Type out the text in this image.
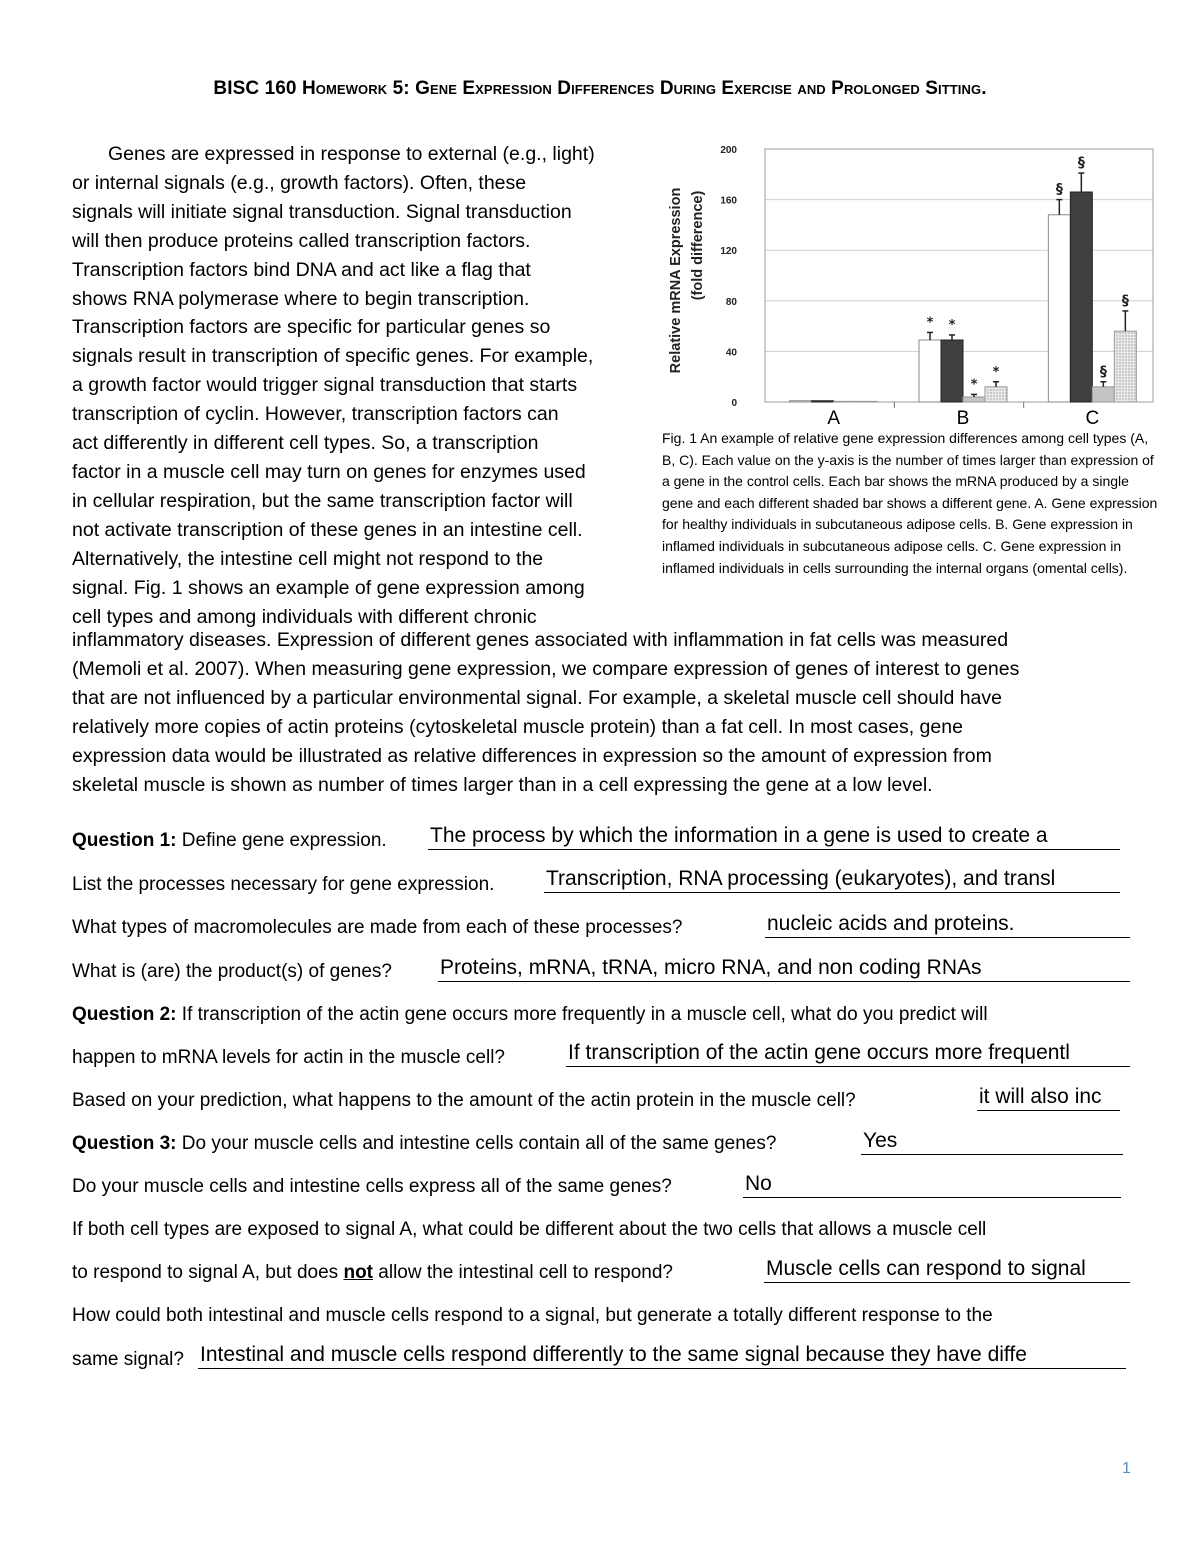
BISC 160 Homework 5: Gene Expression Differences During Exercise and Prolonged Sitting.
Genes are expressed in response to external (e.g., light)
or internal signals (e.g., growth factors). Often, these
signals will initiate signal transduction. Signal transduction
will then produce proteins called transcription factors.
Transcription factors bind DNA and act like a flag that
shows RNA polymerase where to begin transcription.
Transcription factors are specific for particular genes so
signals result in transcription of specific genes. For example,
a growth factor would trigger signal transduction that starts
transcription of cyclin. However, transcription factors can
act differently in different cell types. So, a transcription
factor in a muscle cell may turn on genes for enzymes used
in cellular respiration, but the same transcription factor will
not activate transcription of these genes in an intestine cell.
Alternatively, the intestine cell might not respond to the
signal. Fig. 1 shows an example of gene expression among
cell types and among individuals with different chronic
0
40
80
120
160
200
Relative mRNA Expression (fold difference)
A
* *
*
*
B
§
§
§
§
C
Fig. 1 An example of relative gene expression differences among cell types (A, B, C). Each value on the y-axis is the number of times larger than expression of a gene in the control cells. Each bar shows the mRNA produced by a single gene and each different shaded bar shows a different gene. A. Gene expression for healthy individuals in subcutaneous adipose cells. B. Gene expression in inflamed individuals in subcutaneous adipose cells. C. Gene expression in inflamed individuals in cells surrounding the internal organs (omental cells).
inflammatory diseases. Expression of different genes associated with inflammation in fat cells was measured
(Memoli et al. 2007). When measuring gene expression, we compare expression of genes of interest to genes
that are not influenced by a particular environmental signal. For example, a skeletal muscle cell should have
relatively more copies of actin proteins (cytoskeletal muscle protein) than a fat cell. In most cases, gene
expression data would be illustrated as relative differences in expression so the amount of expression from
skeletal muscle is shown as number of times larger than in a cell expressing the gene at a low level.
Question 1: Define gene expression. The process by which the information in a gene is used to create a
List the processes necessary for gene expression. Transcription, RNA processing (eukaryotes), and transl
What types of macromolecules are made from each of these processes?	nucleic acids and proteins.
What is (are) the product(s) of genes? Proteins, mRNA, tRNA, micro RNA, and non coding RNAs
Question 2: If transcription of the actin gene occurs more frequently in a muscle cell, what do you predict will
happen to mRNA levels for actin in the muscle cell?	If transcription of the actin gene occurs more frequentl
Based on your prediction, what happens to the amount of the actin protein in the muscle cell?	it will also inc
Question 3: Do your muscle cells and intestine cells contain all of the same genes?	Yes
Do your muscle cells and intestine cells express all of the same genes?	No
If both cell types are exposed to signal A, what could be different about the two cells that allows a muscle cell
to respond to signal A, but does not allow the intestinal cell to respond?	Muscle cells can respond to signal
How could both intestinal and muscle cells respond to a signal, but generate a totally different response to the
same signal? Intestinal and muscle cells respond differently to the same signal because they have diffe
1
